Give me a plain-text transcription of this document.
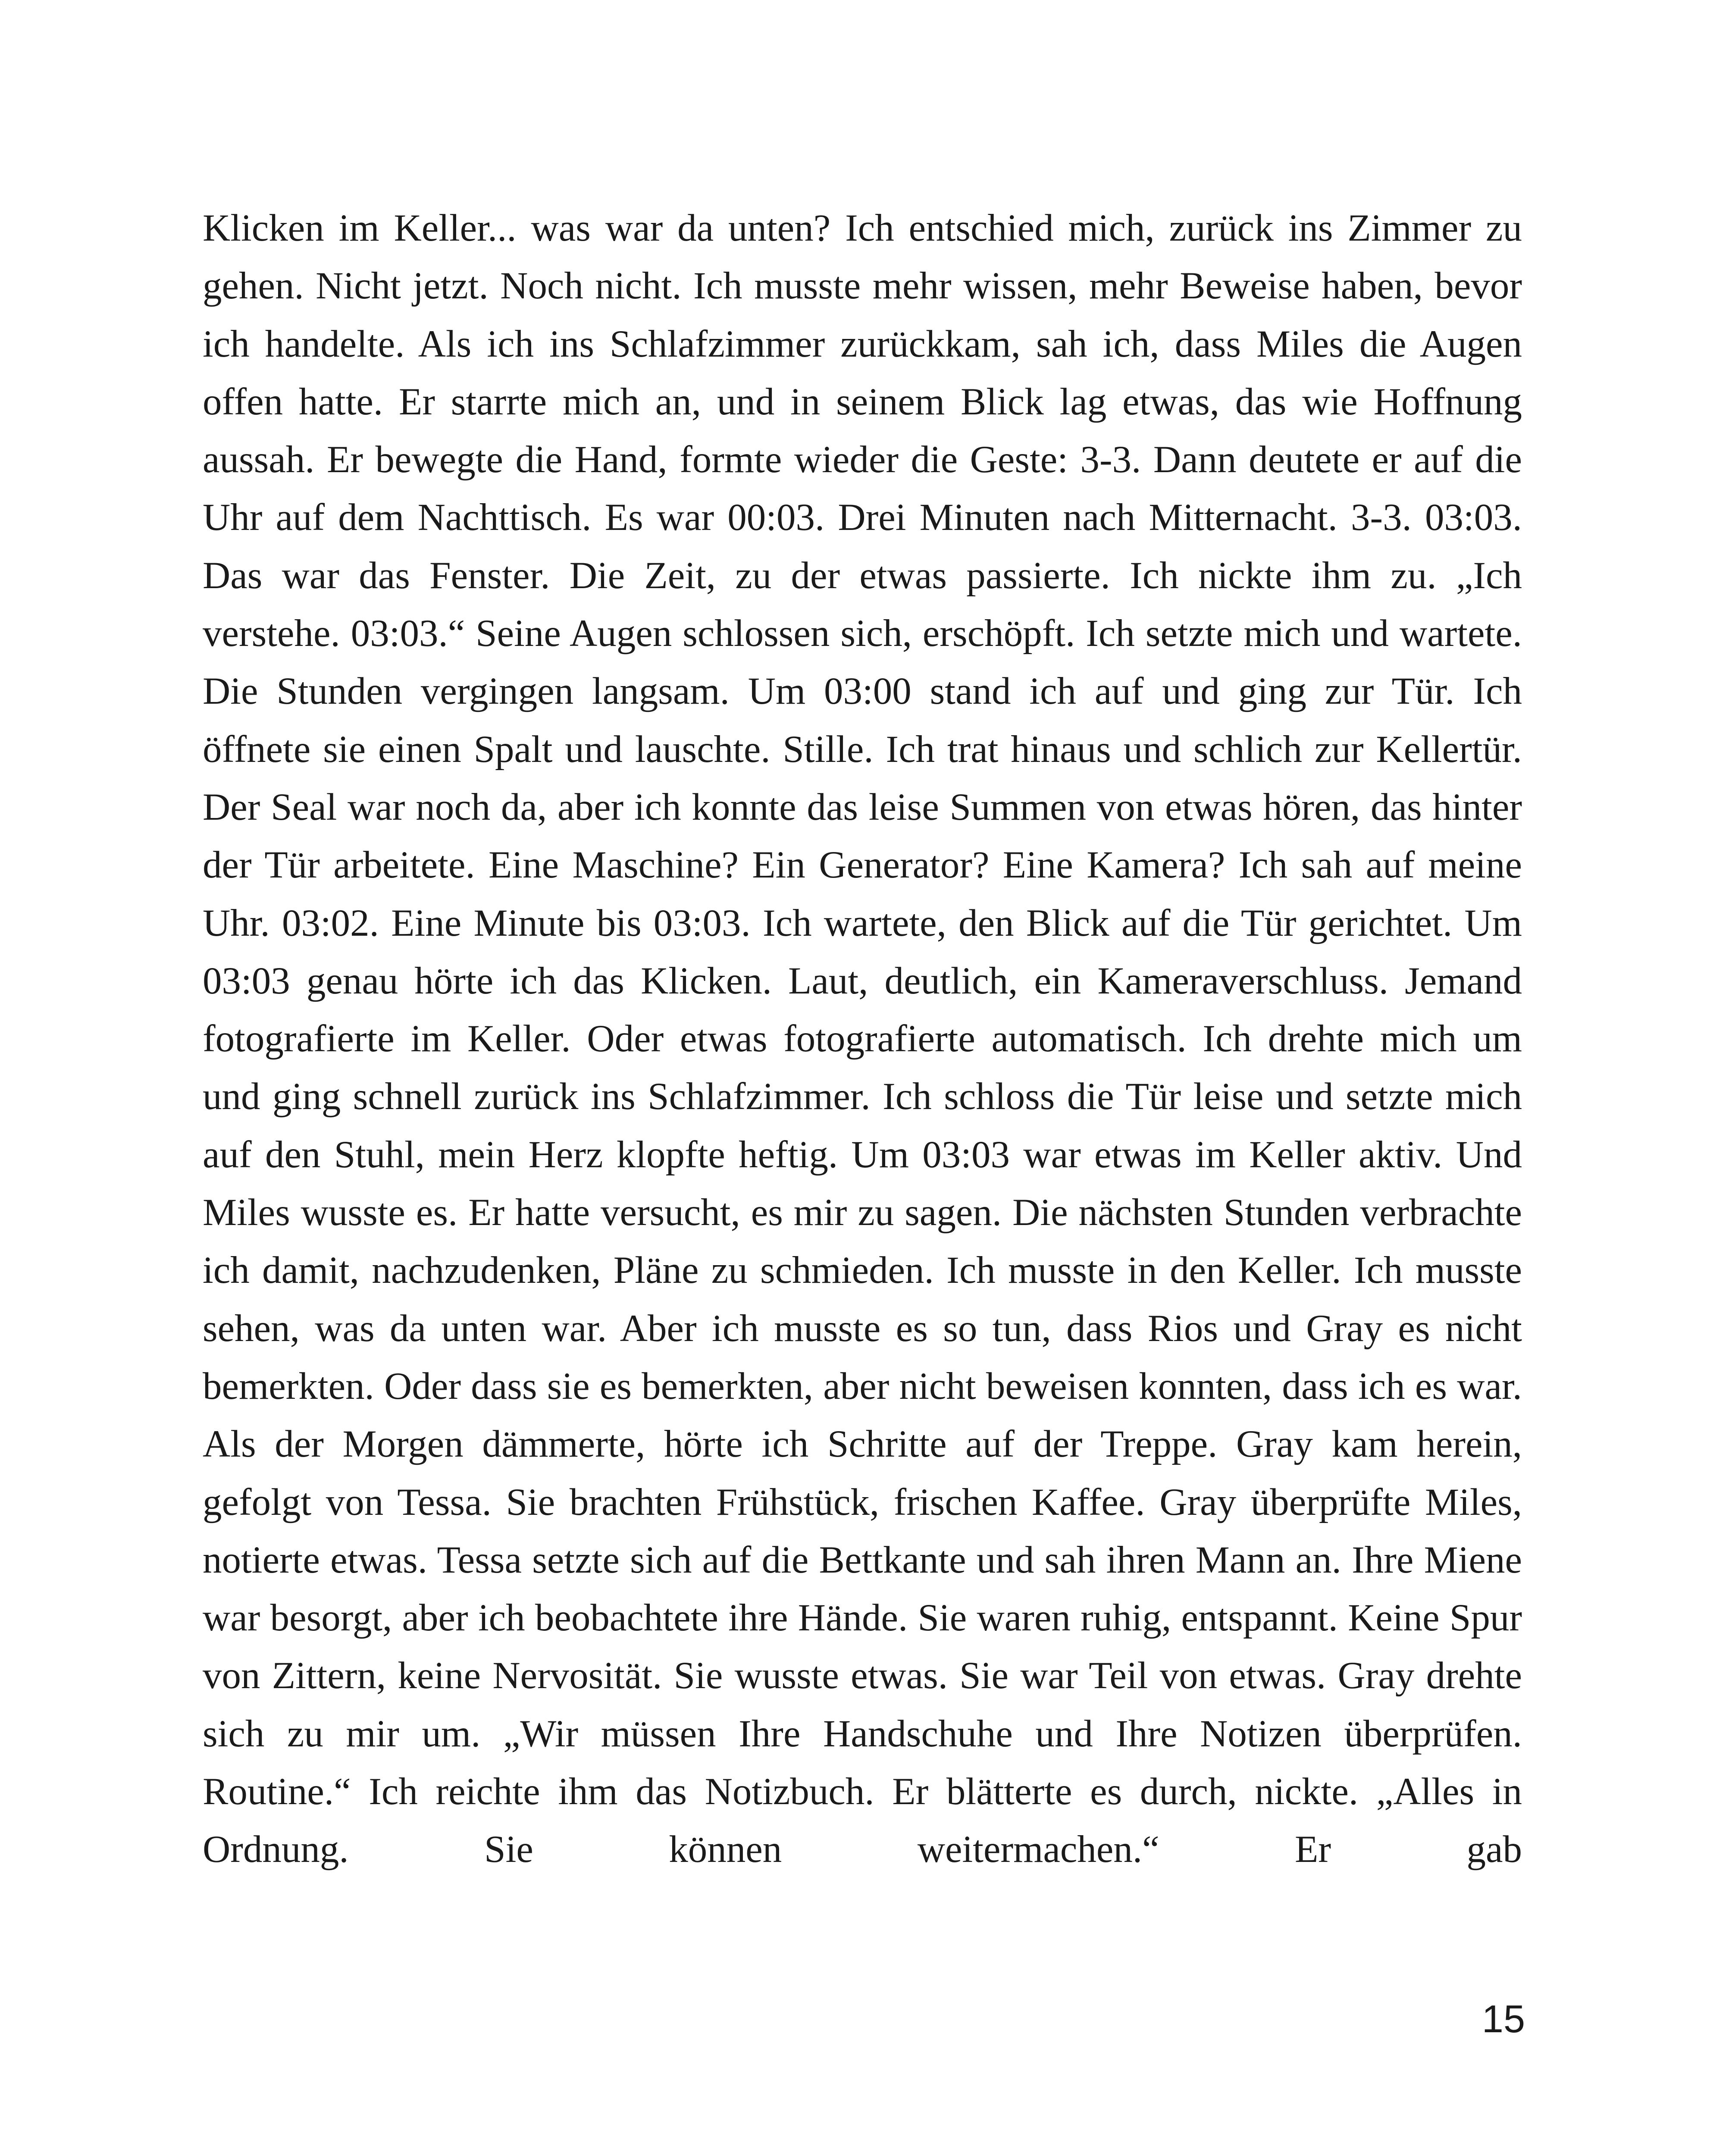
Klicken im Keller... was war da unten? Ich entschied mich, zurück ins Zimmer zu gehen. Nicht jetzt. Noch nicht. Ich musste mehr wissen, mehr Beweise haben, bevor ich handelte. Als ich ins Schlafzimmer zurückkam, sah ich, dass Miles die Augen offen hatte. Er starrte mich an, und in seinem Blick lag etwas, das wie Hoffnung aussah. Er bewegte die Hand, formte wieder die Geste: 3-3. Dann deutete er auf die Uhr auf dem Nachttisch. Es war 00:03. Drei Minuten nach Mitternacht. 3-3. 03:03. Das war das Fenster. Die Zeit, zu der etwas passierte. Ich nickte ihm zu. „Ich verstehe. 03:03.“ Seine Augen schlossen sich, erschöpft. Ich setzte mich und wartete. Die Stunden vergingen langsam. Um 03:00 stand ich auf und ging zur Tür. Ich öffnete sie einen Spalt und lauschte. Stille. Ich trat hinaus und schlich zur Kellertür. Der Seal war noch da, aber ich konnte das leise Summen von etwas hören, das hinter der Tür arbeitete. Eine Maschine? Ein Generator? Eine Kamera? Ich sah auf meine Uhr. 03:02. Eine Minute bis 03:03. Ich wartete, den Blick auf die Tür gerichtet. Um 03:03 genau hörte ich das Klicken. Laut, deutlich, ein Kameraverschluss. Jemand fotografierte im Keller. Oder etwas fotografierte automatisch. Ich drehte mich um und ging schnell zurück ins Schlafzimmer. Ich schloss die Tür leise und setzte mich auf den Stuhl, mein Herz klopfte heftig. Um 03:03 war etwas im Keller aktiv. Und Miles wusste es. Er hatte versucht, es mir zu sagen. Die nächsten Stunden verbrachte ich damit, nachzudenken, Pläne zu schmieden. Ich musste in den Keller. Ich musste sehen, was da unten war. Aber ich musste es so tun, dass Rios und Gray es nicht bemerkten. Oder dass sie es bemerkten, aber nicht beweisen konnten, dass ich es war. Als der Morgen dämmerte, hörte ich Schritte auf der Treppe. Gray kam herein, gefolgt von Tessa. Sie brachten Frühstück, frischen Kaffee. Gray überprüfte Miles, notierte etwas. Tessa setzte sich auf die Bettkante und sah ihren Mann an. Ihre Miene war besorgt, aber ich beobachtete ihre Hände. Sie waren ruhig, entspannt. Keine Spur von Zittern, keine Nervosität. Sie wusste etwas. Sie war Teil von etwas. Gray drehte sich zu mir um. „Wir müssen Ihre Handschuhe und Ihre Notizen überprüfen. Routine.“ Ich reichte ihm das Notizbuch. Er blätterte es durch, nickte. „Alles in Ordnung. Sie können weitermachen.“ Er gab

15
